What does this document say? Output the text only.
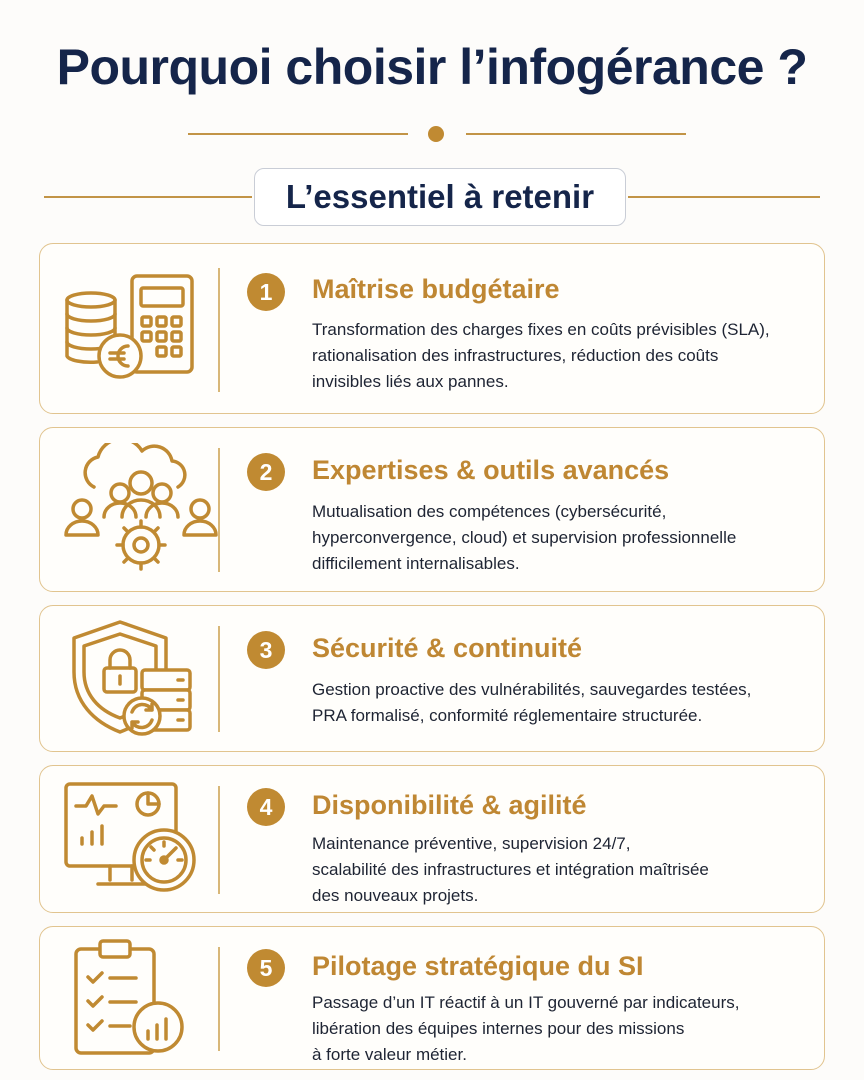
Pourquoi choisir l’infogérance ?
L’essentiel à retenir
1	Maîtrise budgétaire
Transformation des charges fixes en coûts prévisibles (SLA),
rationalisation des infrastructures, réduction des coûts
invisibles liés aux pannes.
2	Expertises & outils avancés
Mutualisation des compétences (cybersécurité,
hyperconvergence, cloud) et supervision professionnelle
difficilement internalisables.
3	Sécurité & continuité
Gestion proactive des vulnérabilités, sauvegardes testées,
PRA formalisé, conformité réglementaire structurée.
4	Disponibilité & agilité
Maintenance préventive, supervision 24/7,
scalabilité des infrastructures et intégration maîtrisée
des nouveaux projets.
5	Pilotage stratégique du SI
Passage d’un IT réactif à un IT gouverné par indicateurs,
libération des équipes internes pour des missions
à forte valeur métier.
